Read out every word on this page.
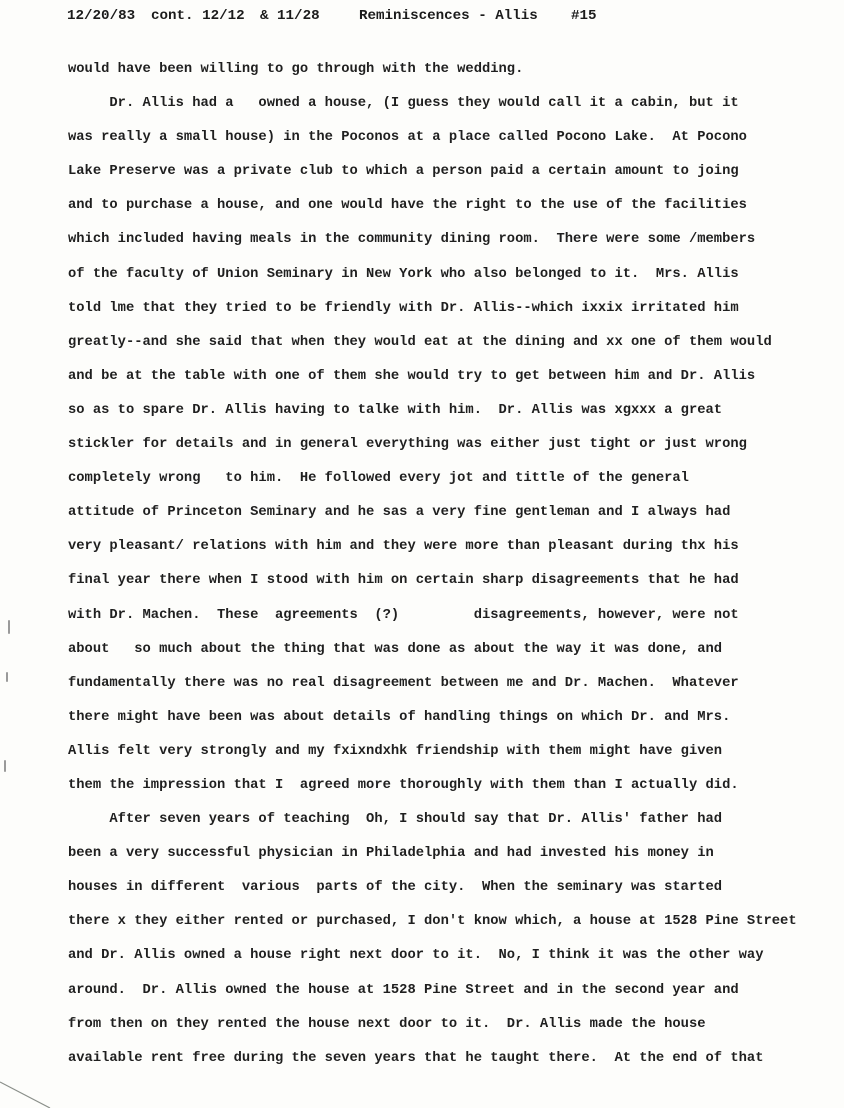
12/20/83

cont. 12/12

& 11/28

	Reminiscences - Allis

#15

would have been willing to go through with the wedding.
Dr. Allis had a   owned a house, (I guess they would call it a cabin, but it
was really a small house) in the Poconos at a place called Pocono Lake.  At Pocono
Lake Preserve was a private club to which a person paid a certain amount to joing
and to purchase a house, and one would have the right to the use of the facilities
which included having meals in the community dining room.  There were some /members
of the faculty of Union Seminary in New York who also belonged to it.  Mrs. Allis
told lme that they tried to be friendly with Dr. Allis--which ixxix irritated him
greatly--and she said that when they would eat at the dining and xx one of them would
and be at the table with one of them she would try to get between him and Dr. Allis
so as to spare Dr. Allis having to talke with him.  Dr. Allis was xgxxx a great
stickler for details and in general everything was either just tight or just wrong
completely wrong   to him.  He followed every jot and tittle of the general
attitude of Princeton Seminary and he sas a very fine gentleman and I always had
very pleasant/ relations with him and they were more than pleasant during thx his
final year there when I stood with him on certain sharp disagreements that he had
with Dr. Machen.  These  agreements  (?)         disagreements, however, were not
about   so much about the thing that was done as about the way it was done, and
fundamentally there was no real disagreement between me and Dr. Machen.  Whatever
there might have been was about details of handling things on which Dr. and Mrs.
Allis felt very strongly and my fxixndxhk friendship with them might have given
them the impression that I  agreed more thoroughly with them than I actually did.
After seven years of teaching  Oh, I should say that Dr. Allis' father had
been a very successful physician in Philadelphia and had invested his money in
houses in different  various  parts of the city.  When the seminary was started
there x they either rented or purchased, I don't know which, a house at 1528 Pine Street
and Dr. Allis owned a house right next door to it.  No, I think it was the other way
around.  Dr. Allis owned the house at 1528 Pine Street and in the second year and
from then on they rented the house next door to it.  Dr. Allis made the house
available rent free during the seven years that he taught there.  At the end of that
